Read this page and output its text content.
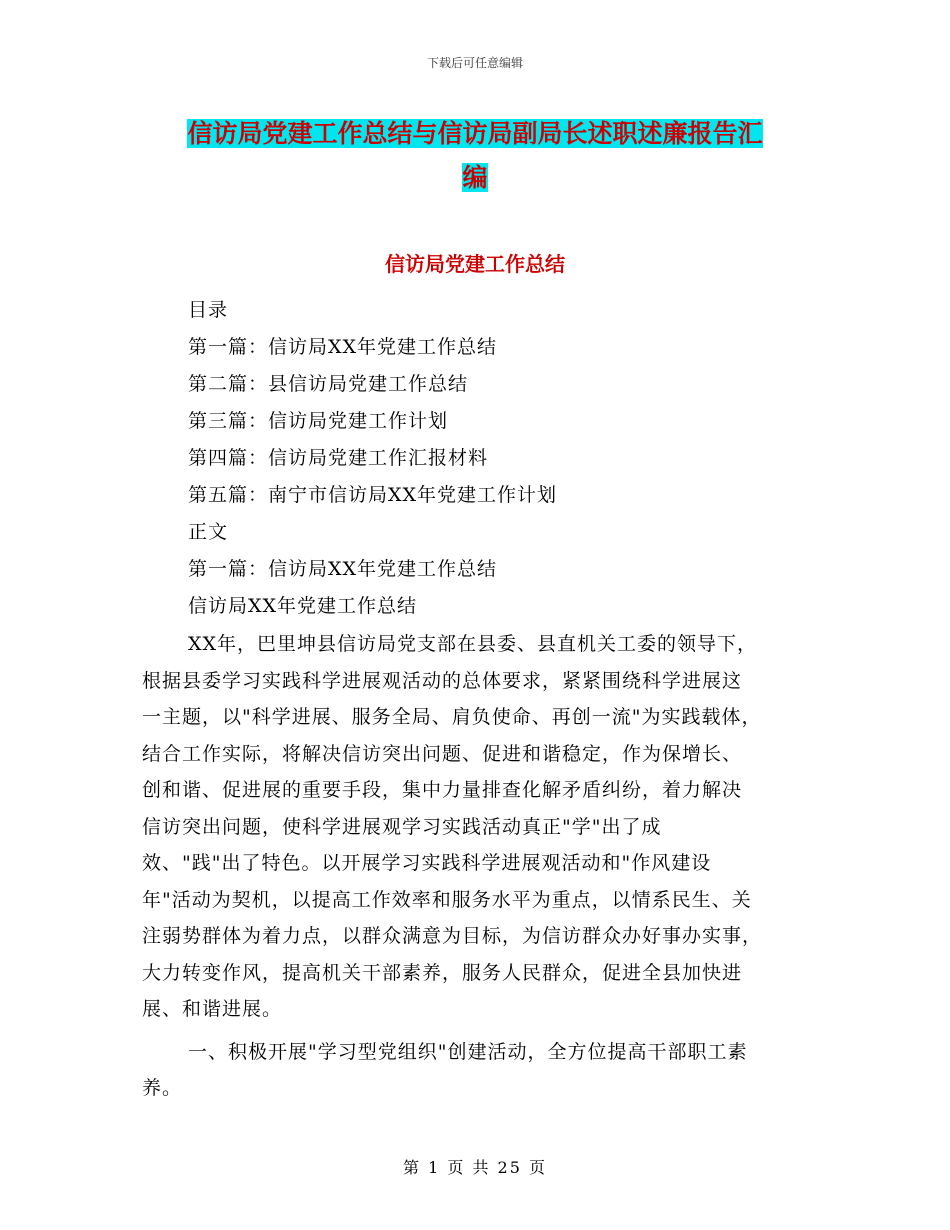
下载后可任意编辑
信访局党建工作总结与信访局副局长述职述廉报告汇
编
信访局党建工作总结
目录
第一篇：信访局XX年党建工作总结
第二篇：县信访局党建工作总结
第三篇：信访局党建工作计划
第四篇：信访局党建工作汇报材料
第五篇：南宁市信访局XX年党建工作计划
正文
第一篇：信访局XX年党建工作总结
信访局XX年党建工作总结

XX年，巴里坤县信访局党支部在县委、县直机关工委的领导下，
根据县委学习实践科学进展观活动的总体要求，紧紧围绕科学进展这
一主题，以"科学进展、服务全局、肩负使命、再创一流"为实践载体，
结合工作实际，将解决信访突出问题、促进和谐稳定，作为保增长、
创和谐、促进展的重要手段，集中力量排查化解矛盾纠纷，着力解决
信访突出问题，使科学进展观学习实践活动真正"学"出了成
效、"践"出了特色。以开展学习实践科学进展观活动和"作风建设
年"活动为契机，以提高工作效率和服务水平为重点，以情系民生、关
注弱势群体为着力点，以群众满意为目标，为信访群众办好事办实事，
大力转变作风，提高机关干部素养，服务人民群众，促进全县加快进
展、和谐进展。

一、积极开展"学习型党组织"创建活动，全方位提高干部职工素
养。

第 1 页 共 25 页
